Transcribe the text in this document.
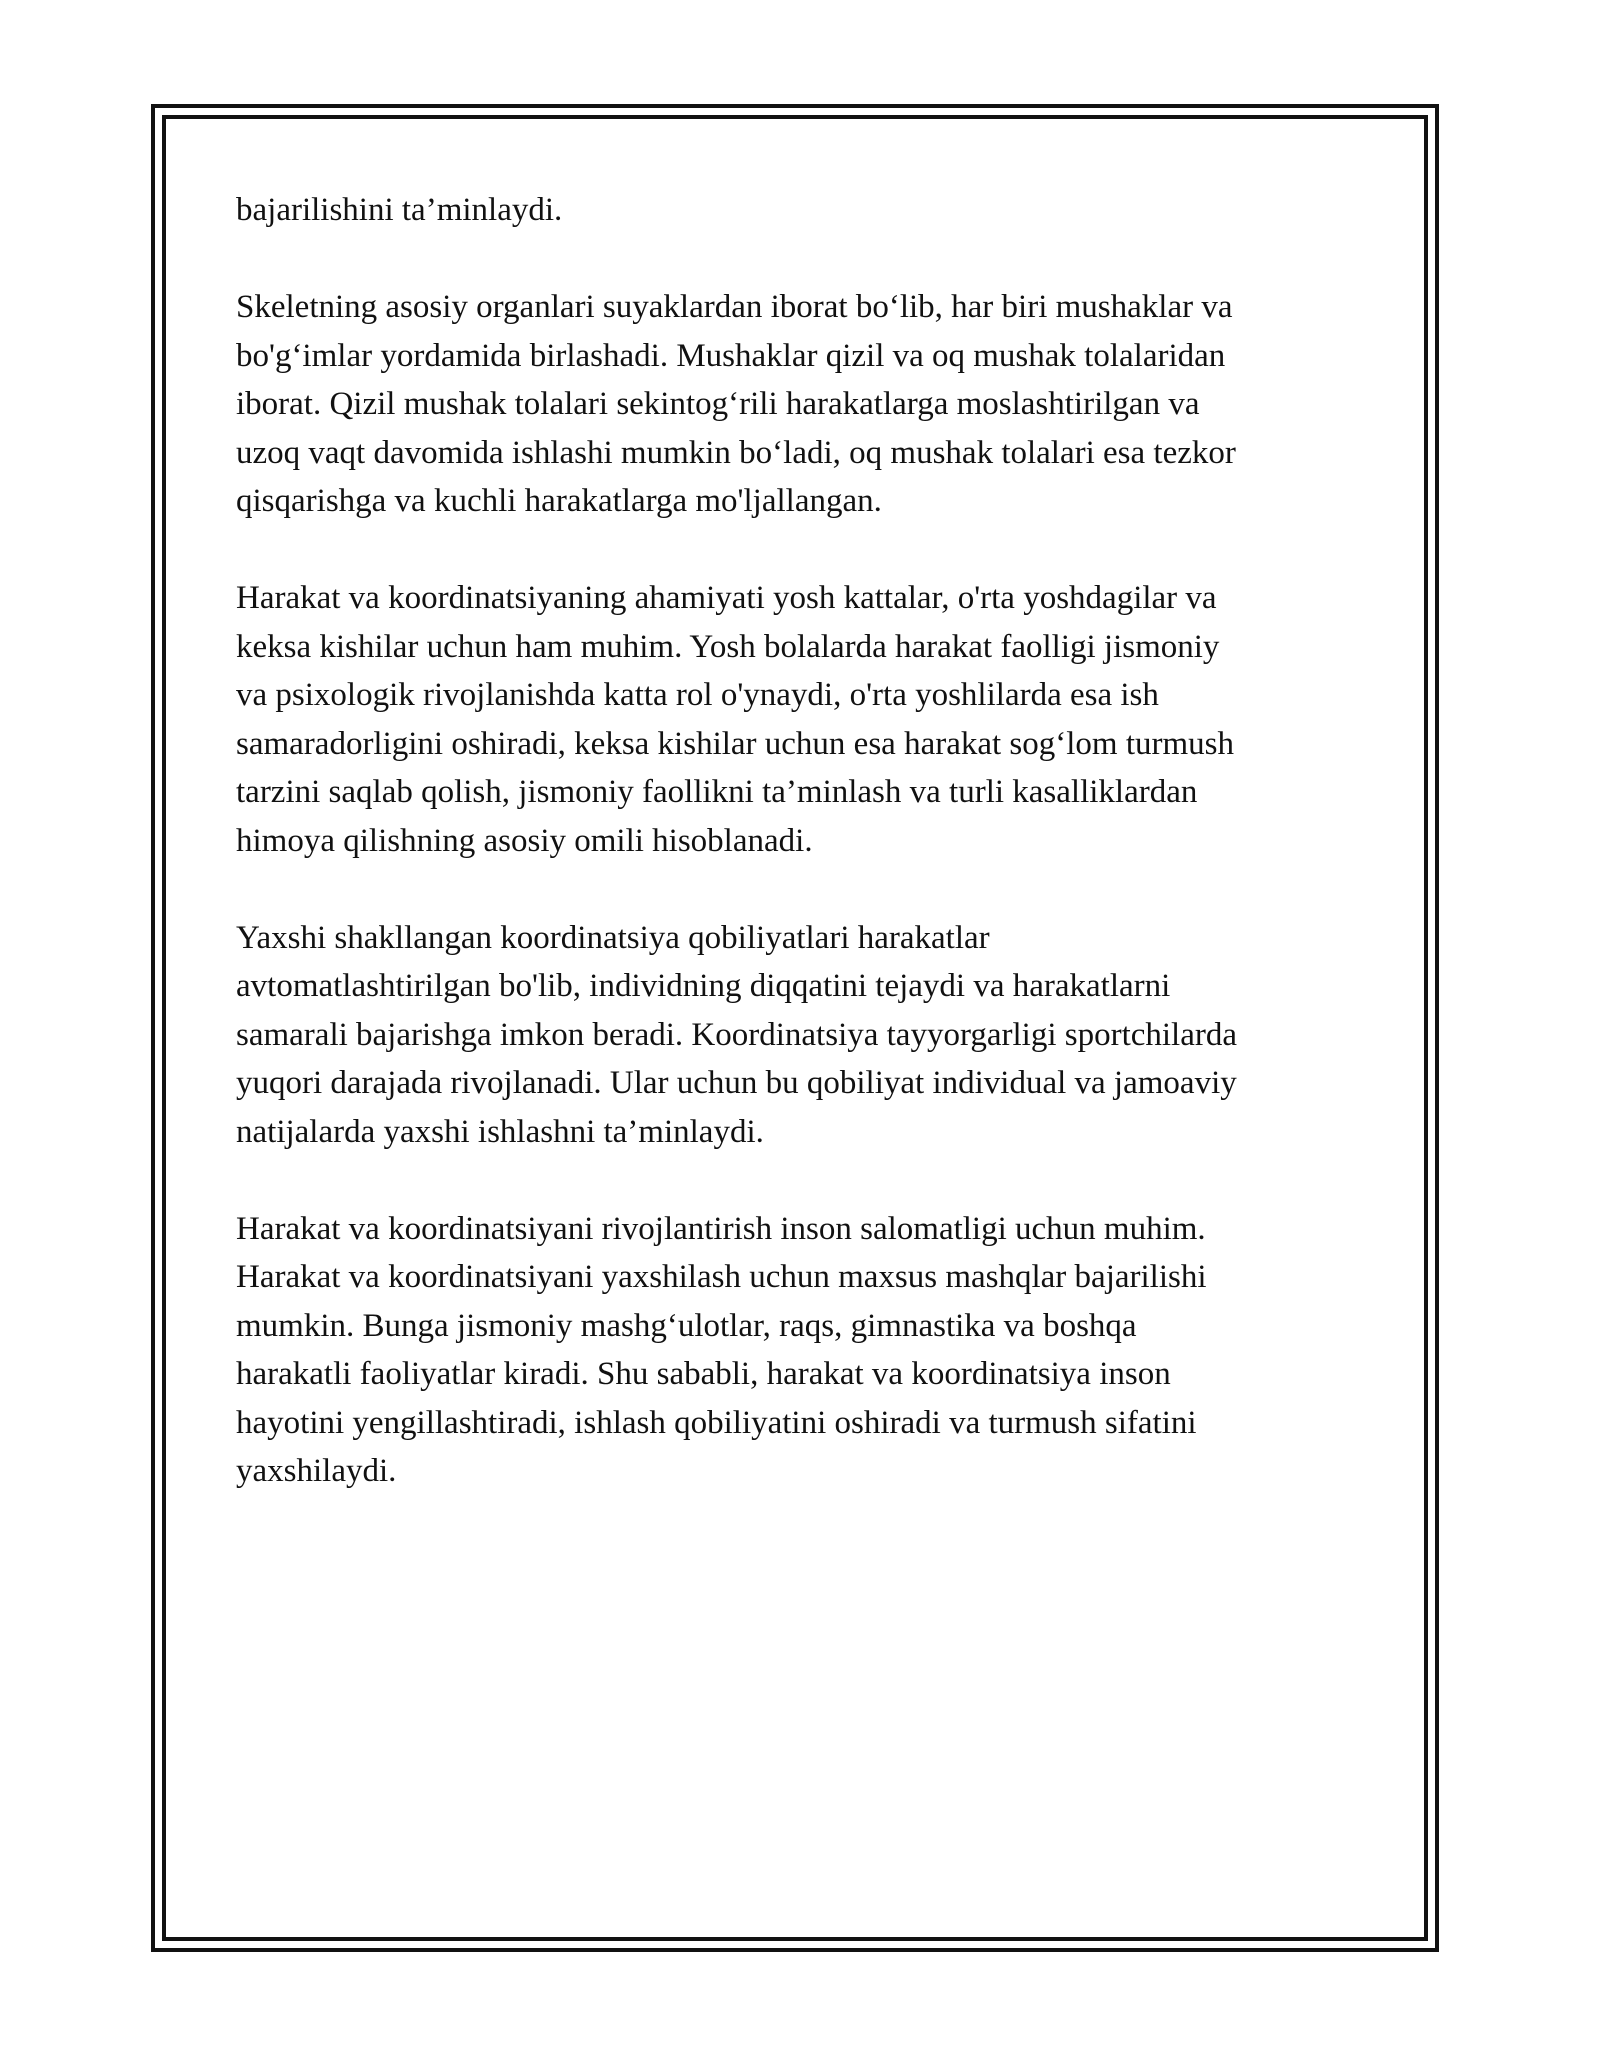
bajarilishini ta’minlaydi.

Skeletning asosiy organlari suyaklardan iborat bo‘lib, har biri mushaklar va
bo'g‘imlar yordamida birlashadi. Mushaklar qizil va oq mushak tolalaridan
iborat. Qizil mushak tolalari sekintog‘rili harakatlarga moslashtirilgan va
uzoq vaqt davomida ishlashi mumkin bo‘ladi, oq mushak tolalari esa tezkor
qisqarishga va kuchli harakatlarga mo'ljallangan.

Harakat va koordinatsiyaning ahamiyati yosh kattalar, o'rta yoshdagilar va
keksa kishilar uchun ham muhim. Yosh bolalarda harakat faolligi jismoniy
va psixologik rivojlanishda katta rol o'ynaydi, o'rta yoshlilarda esa ish
samaradorligini oshiradi, keksa kishilar uchun esa harakat sog‘lom turmush
tarzini saqlab qolish, jismoniy faollikni ta’minlash va turli kasalliklardan
himoya qilishning asosiy omili hisoblanadi.

Yaxshi shakllangan koordinatsiya qobiliyatlari harakatlar
avtomatlashtirilgan bo'lib, individning diqqatini tejaydi va harakatlarni
samarali bajarishga imkon beradi. Koordinatsiya tayyorgarligi sportchilarda
yuqori darajada rivojlanadi. Ular uchun bu qobiliyat individual va jamoaviy
natijalarda yaxshi ishlashni ta’minlaydi.

Harakat va koordinatsiyani rivojlantirish inson salomatligi uchun muhim.
Harakat va koordinatsiyani yaxshilash uchun maxsus mashqlar bajarilishi
mumkin. Bunga jismoniy mashg‘ulotlar, raqs, gimnastika va boshqa
harakatli faoliyatlar kiradi. Shu sababli, harakat va koordinatsiya inson
hayotini yengillashtiradi, ishlash qobiliyatini oshiradi va turmush sifatini
yaxshilaydi.
